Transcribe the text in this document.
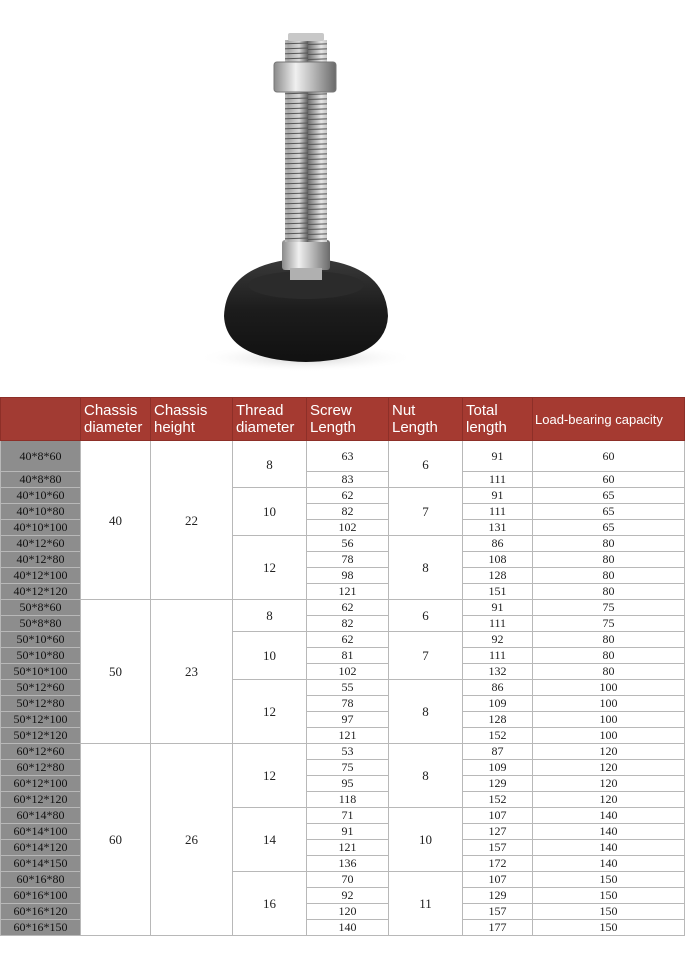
	Chassis diameter	Chassis height	Thread diameter	Screw Length	Nut Length	Total length	Load-bearing capacity
40*8*60	40	22	8	63	6	91	60
40*8*80				83		111	60
40*10*60			10	62	7	91	65
40*10*80				82		111	65
40*10*100				102		131	65
40*12*60			12	56	8	86	80
40*12*80				78		108	80
40*12*100				98		128	80
40*12*120				121		151	80
50*8*60	50	23	8	62	6	91	75
50*8*80				82		111	75
50*10*60			10	62	7	92	80
50*10*80				81		111	80
50*10*100				102		132	80
50*12*60			12	55	8	86	100
50*12*80				78		109	100
50*12*100				97		128	100
50*12*120				121		152	100
60*12*60	60	26	12	53	8	87	120
60*12*80				75		109	120
60*12*100				95		129	120
60*12*120				118		152	120
60*14*80			14	71	10	107	140
60*14*100				91		127	140
60*14*120				121		157	140
60*14*150				136		172	140
60*16*80			16	70	11	107	150
60*16*100				92		129	150
60*16*120				120		157	150
60*16*150				140		177	150
